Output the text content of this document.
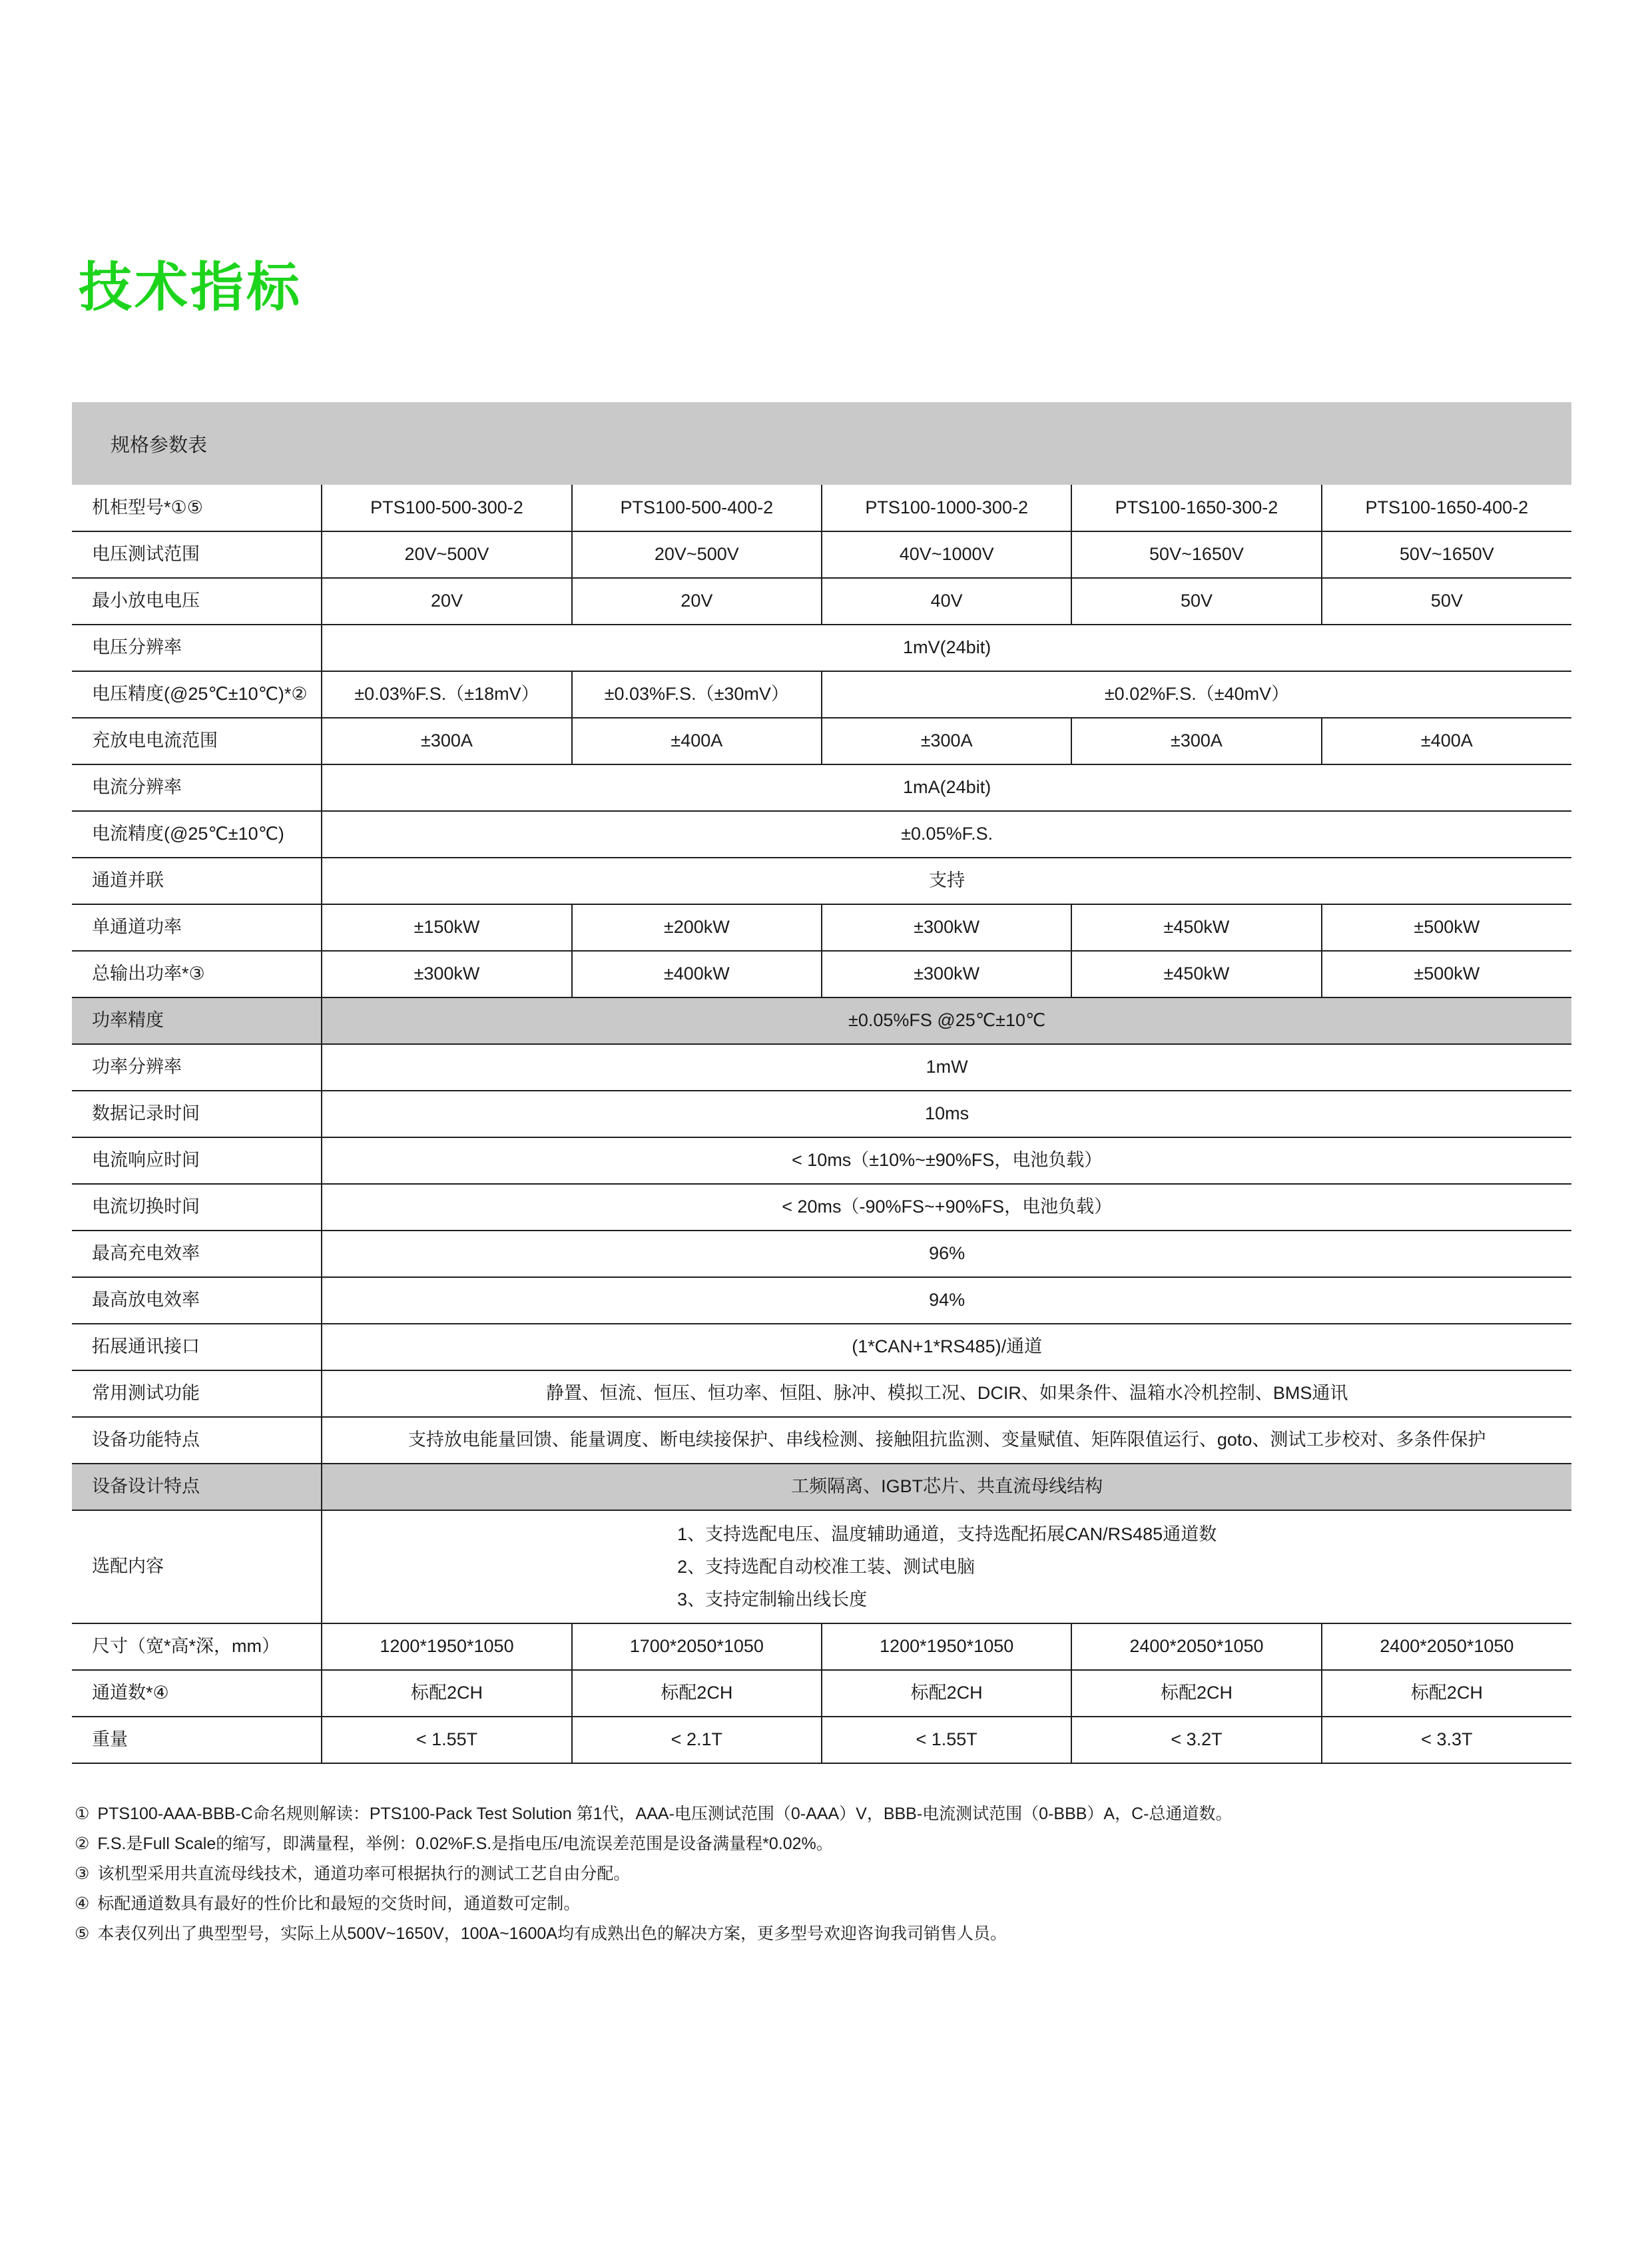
技术指标
规格参数表
机柜型号*①⑤	PTS100-500-300-2	PTS100-500-400-2	PTS100-1000-300-2	PTS100-1650-300-2	PTS100-1650-400-2
电压测试范围	20V~500V	20V~500V	40V~1000V	50V~1650V	50V~1650V
最小放电电压	20V	20V	40V	50V	50V
电压分辨率	1mV(24bit)				
电压精度(@25℃±10℃)*②	±0.03%F.S.（±18mV）	±0.03%F.S.（±30mV）	±0.02%F.S.（±40mV）		
充放电电流范围	±300A	±400A	±300A	±300A	±400A
电流分辨率	1mA(24bit)				
电流精度(@25℃±10℃)	±0.05%F.S.				
通道并联	支持				
单通道功率	±150kW	±200kW	±300kW	±450kW	±500kW
总输出功率*③	±300kW	±400kW	±300kW	±450kW	±500kW
功率精度	±0.05%FS @25℃±10℃				
功率分辨率	1mW				
数据记录时间	10ms				
电流响应时间	< 10ms（±10%~±90%FS，电池负载）				
电流切换时间	< 20ms（-90%FS~+90%FS，电池负载）				
最高充电效率	96%				
最高放电效率	94%				
拓展通讯接口	(1*CAN+1*RS485)/通道				
常用测试功能	静置、恒流、恒压、恒功率、恒阻、脉冲、模拟工况、DCIR、如果条件、温箱水冷机控制、BMS通讯				
设备功能特点	支持放电能量回馈、能量调度、断电续接保护、串线检测、接触阻抗监测、变量赋值、矩阵限值运行、goto、测试工步校对、多条件保护				
设备设计特点	工频隔离、IGBT芯片、共直流母线结构				
选配内容	1、支持选配电压、温度辅助通道，支持选配拓展CAN/RS485通道数
2、支持选配自动校准工装、测试电脑
3、支持定制输出线长度				

尺寸（宽*高*深，mm）	1200*1950*1050	1700*2050*1050	1200*1950*1050	2400*2050*1050	2400*2050*1050
通道数*④	标配2CH	标配2CH	标配2CH	标配2CH	标配2CH
重量	< 1.55T	< 2.1T	< 1.55T	< 3.2T	< 3.3T
① PTS100-AAA-BBB-C命名规则解读：PTS100-Pack Test Solution 第1代，AAA-电压测试范围（0-AAA）V，BBB-电流测试范围（0-BBB）A，C-总通道数。
② F.S.是Full Scale的缩写，即满量程，举例：0.02%F.S.是指电压/电流误差范围是设备满量程*0.02%。
③ 该机型采用共直流母线技术，通道功率可根据执行的测试工艺自由分配。
④ 标配通道数具有最好的性价比和最短的交货时间，通道数可定制。
⑤ 本表仅列出了典型型号，实际上从500V~1650V，100A~1600A均有成熟出色的解决方案，更多型号欢迎咨询我司销售人员。
